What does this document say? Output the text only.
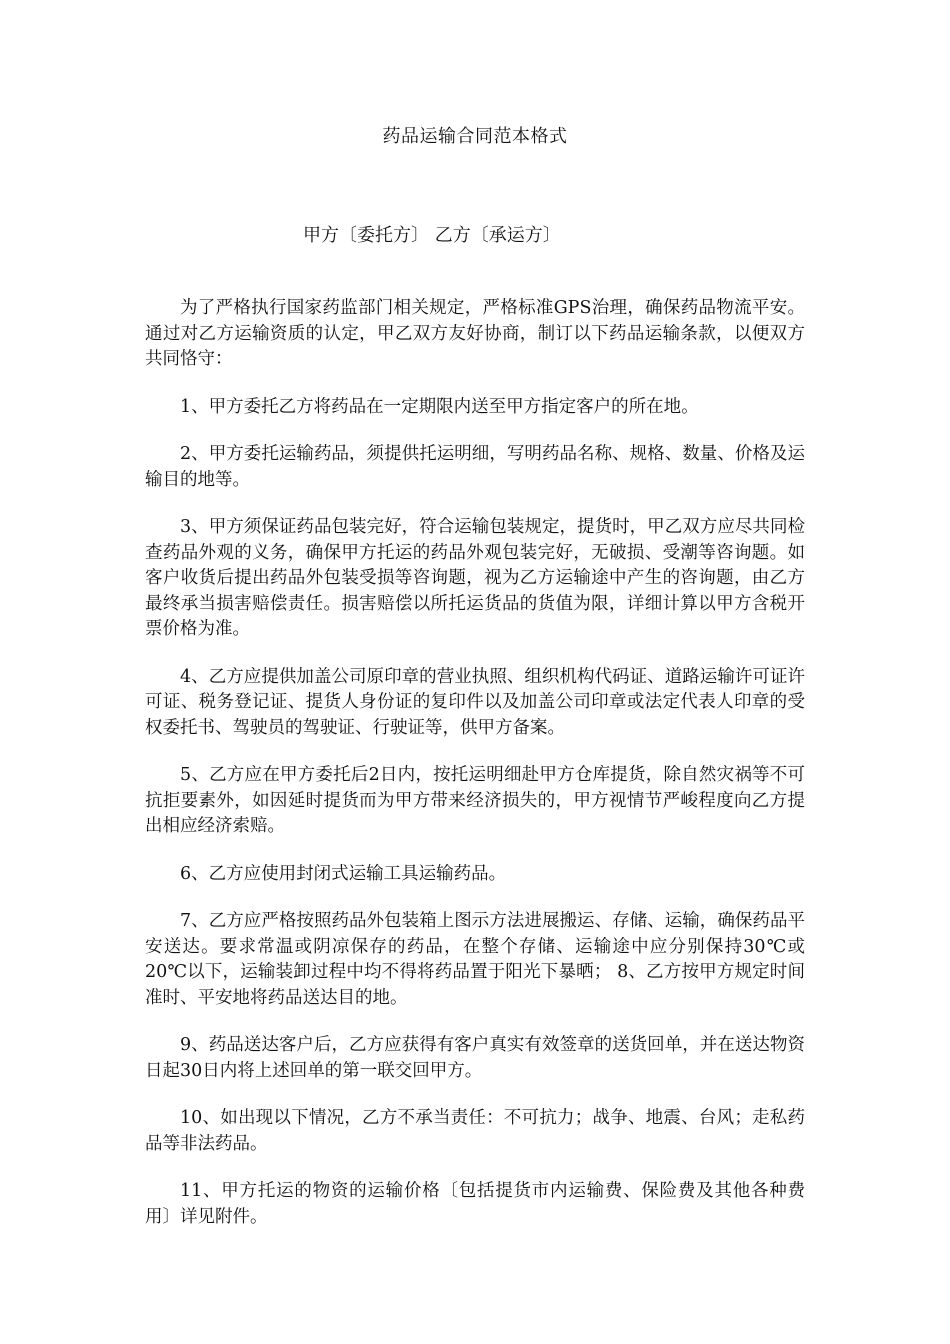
药品运输合同范本格式
甲方〔委托方〕 乙方〔承运方〕

为了严格执行国家药监部门相关规定，严格标准GPS治理，确保药品物流平安。通过对乙方运输资质的认定，甲乙双方友好协商，制订以下药品运输条款，以便双方共同恪守：

1、甲方委托乙方将药品在一定期限内送至甲方指定客户的所在地。

2、甲方委托运输药品，须提供托运明细，写明药品名称、规格、数量、价格及运输目的地等。

3、甲方须保证药品包装完好，符合运输包装规定，提货时，甲乙双方应尽共同检查药品外观的义务，确保甲方托运的药品外观包装完好，无破损、受潮等咨询题。如客户收货后提出药品外包装受损等咨询题，视为乙方运输途中产生的咨询题，由乙方最终承当损害赔偿责任。损害赔偿以所托运货品的货值为限，详细计算以甲方含税开票价格为准。

4、乙方应提供加盖公司原印章的营业执照、组织机构代码证、道路运输许可证许可证、税务登记证、提货人身份证的复印件以及加盖公司印章或法定代表人印章的受权委托书、驾驶员的驾驶证、行驶证等，供甲方备案。

5、乙方应在甲方委托后2日内，按托运明细赴甲方仓库提货，除自然灾祸等不可抗拒要素外，如因延时提货而为甲方带来经济损失的，甲方视情节严峻程度向乙方提出相应经济索赔。

6、乙方应使用封闭式运输工具运输药品。

7、乙方应严格按照药品外包装箱上图示方法进展搬运、存储、运输，确保药品平安送达。要求常温或阴凉保存的药品，在整个存储、运输途中应分别保持30℃或20℃以下，运输装卸过程中均不得将药品置于阳光下暴晒； 8、乙方按甲方规定时间准时、平安地将药品送达目的地。

9、药品送达客户后，乙方应获得有客户真实有效签章的送货回单，并在送达物资日起30日内将上述回单的第一联交回甲方。

10、如出现以下情况，乙方不承当责任：不可抗力；战争、地震、台风；走私药品等非法药品。

11、甲方托运的物资的运输价格〔包括提货市内运输费、保险费及其他各种费用〕详见附件。
